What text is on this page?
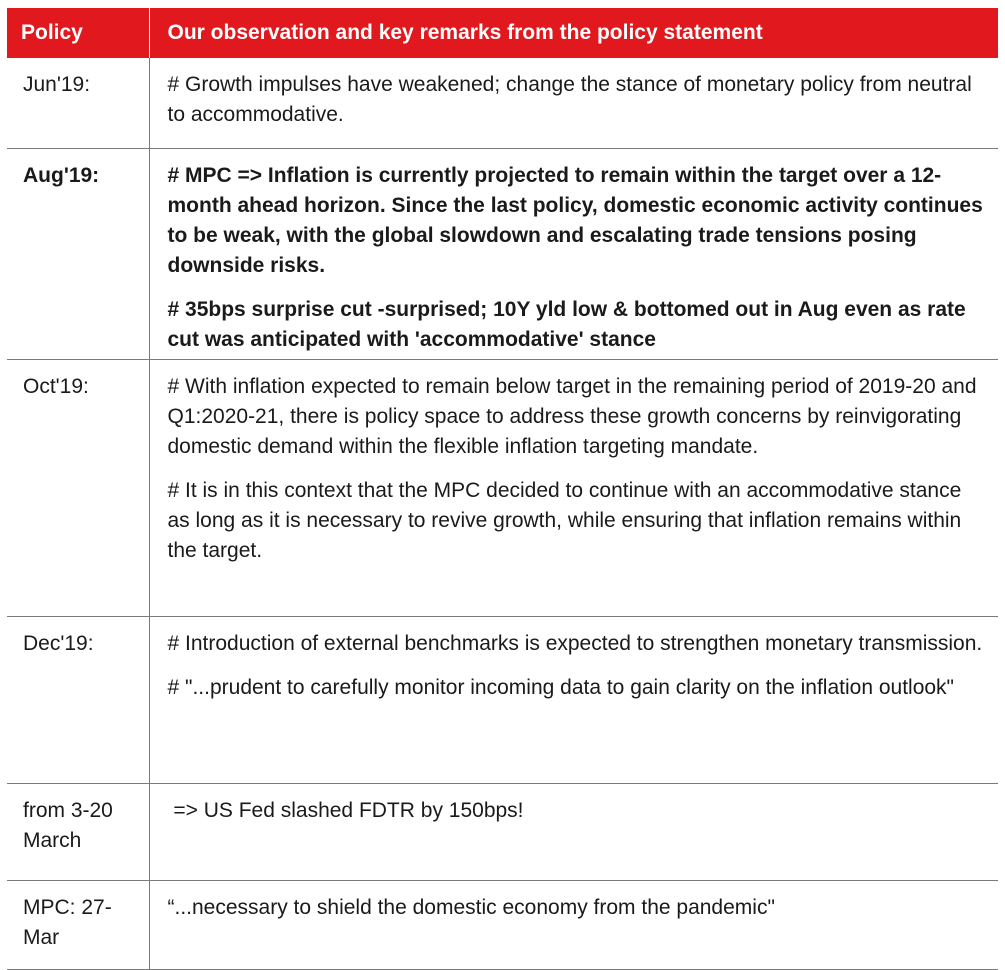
Policy	Our observation and key remarks from the policy statement
Jun'19:	# Growth impulses have weakened; change the stance of monetary policy from neutral to accommodative.

Aug'19:	# MPC => Inflation is currently projected to remain within the target over a 12-month ahead horizon. Since the last policy, domestic economic activity continues to be weak, with the global slowdown and escalating trade tensions posing downside risks.

# 35bps surprise cut -surprised; 10Y yld low & bottomed out in Aug even as rate cut was anticipated with 'accommodative' stance

Oct'19:	# With inflation expected to remain below target in the remaining period of 2019-20 and Q1:2020-21, there is policy space to address these growth concerns by reinvigorating domestic demand within the flexible inflation targeting mandate.

# It is in this context that the MPC decided to continue with an accommodative stance as long as it is necessary to revive growth, while ensuring that inflation remains within the target.

Dec'19:	# Introduction of external benchmarks is expected to strengthen monetary transmission.

# "...prudent to carefully monitor incoming data to gain clarity on the inflation outlook"

from 3-20 March	=> US Fed slashed FDTR by 150bps!

MPC: 27-Mar	“...necessary to shield the domestic economy from the pandemic"
